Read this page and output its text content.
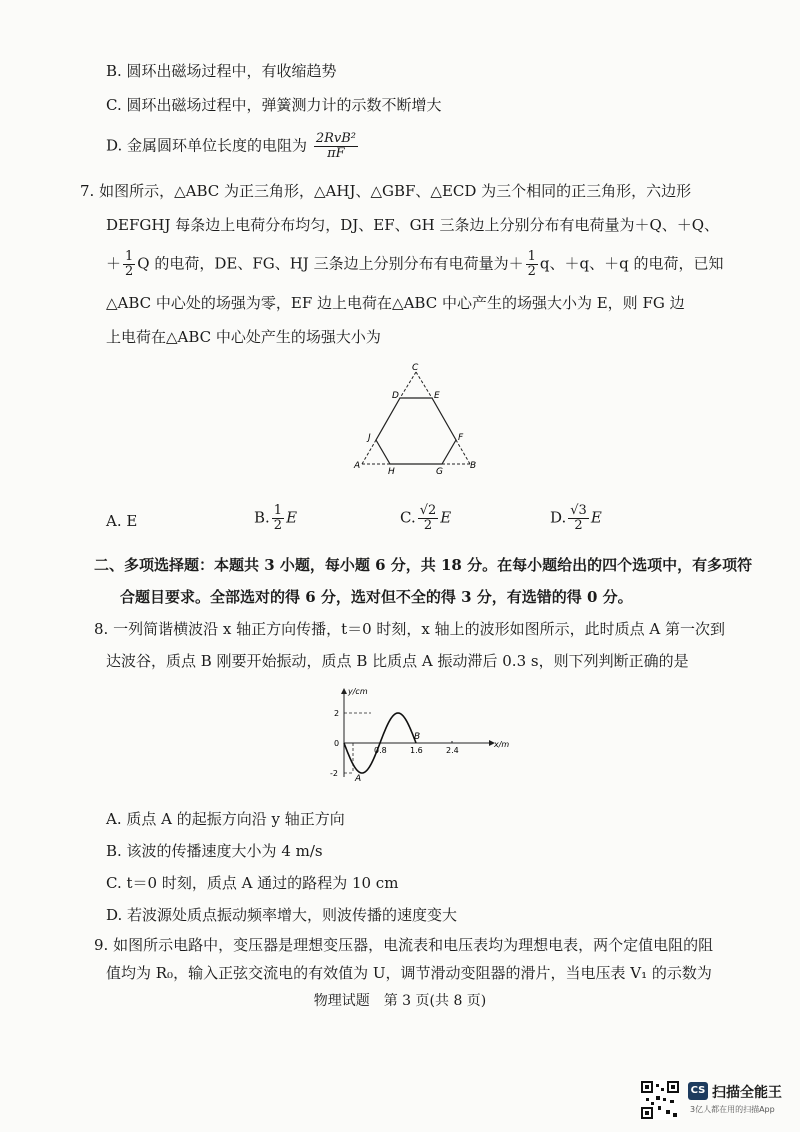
B. 圆环出磁场过程中，有收缩趋势
C. 圆环出磁场过程中，弹簧测力计的示数不断增大
D. 金属圆环单位长度的电阻为 $\frac{\text{2RvB²}}{\pi F}$
7. 如图所示，△ABC 为正三角形，△AHJ、△GBF、△ECD 为三个相同的正三角形，六边形
DEFGHJ 每条边上电荷分布均匀，DJ、EF、GH 三条边上分别分布有电荷量为＋Q、＋Q、
＋ $\frac{1}{2}$ Q 的电荷，DE、FG、HJ 三条边上分别分布有电荷量为＋ $\frac{1}{2}$ q、＋q、＋q 的电荷，已知
△ABC 中心处的场强为零，EF 边上电荷在△ABC 中心产生的场强大小为 E，则 FG 边
上电荷在△ABC 中心处产生的场强大小为
C
D	E
J	F
A
H	G
B
A. E	B. $\frac{1}{2}$ E	C. $\frac{√2}{2}$ E	D. $\frac{√3}{2}$ E
二、多项选择题：本题共 3 小题，每小题 6 分，共 18 分。在每小题给出的四个选项中，有多项符
合题目要求。全部选对的得 6 分，选对但不全的得 3 分，有选错的得 0 分。
8. 一列简谐横波沿 x 轴正方向传播，t＝0 时刻，x 轴上的波形如图所示，此时质点 A 第一次到
达波谷，质点 B 刚要开始振动，质点 B 比质点 A 振动滞后 0.3 s，则下列判断正确的是
y/cm
x/m
2
0
-2
0.8	1.6	2.4
A
B
A. 质点 A 的起振方向沿 y 轴正方向
B. 该波的传播速度大小为 4 m/s
C. t＝0 时刻，质点 A 通过的路程为 10 cm
D. 若波源处质点振动频率增大，则波传播的速度变大
9. 如图所示电路中，变压器是理想变压器，电流表和电压表均为理想电表，两个定值电阻的阻
值均为 R₀，输入正弦交流电的有效值为 U，调节滑动变阻器的滑片，当电压表 V₁ 的示数为
物理试题　第 3 页(共 8 页)
CS 扫描全能王
3亿人都在用的扫描App
